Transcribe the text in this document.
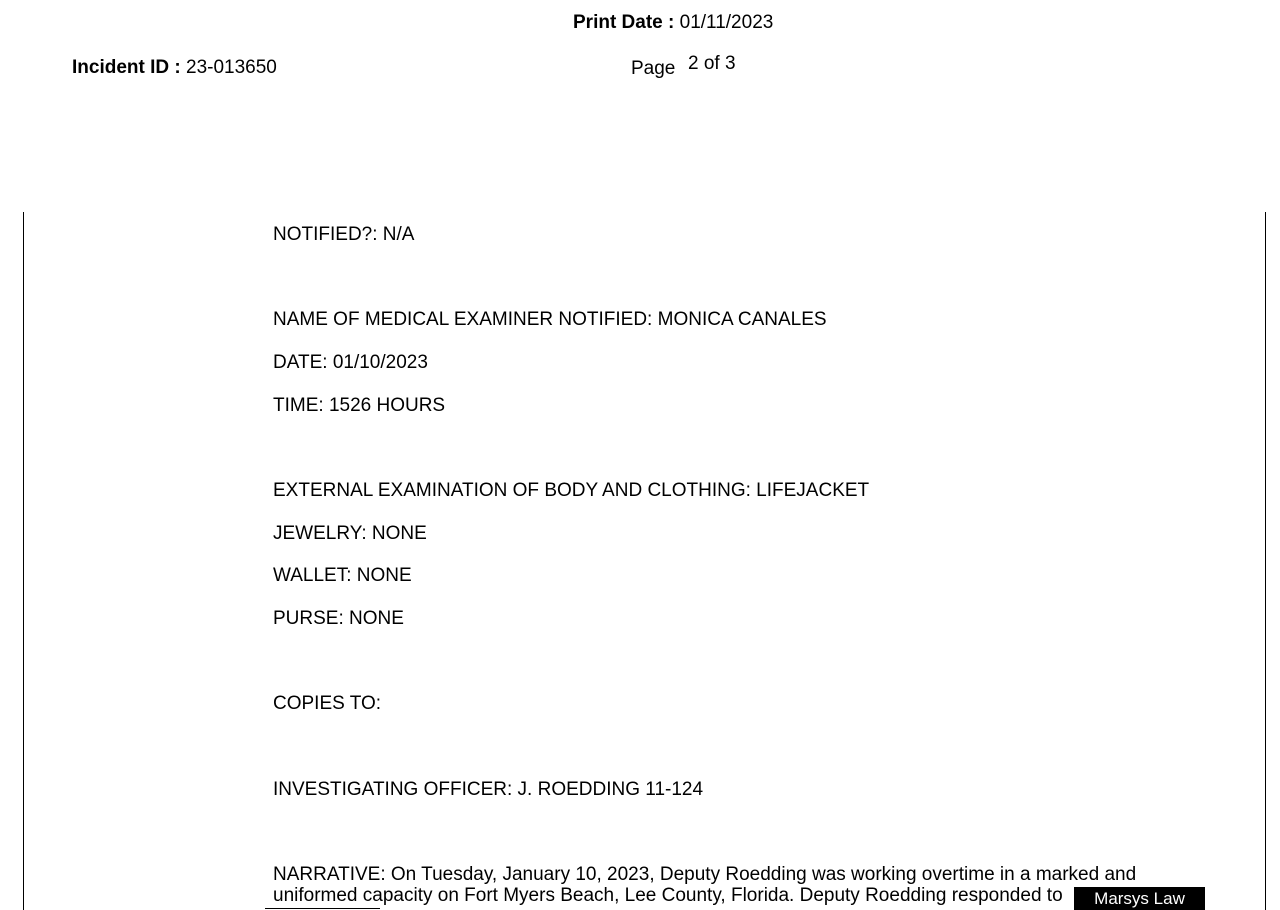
Print Date : 01/11/2023
Incident ID : 23-013650	Page 2 of 3
NOTIFIED?: N/A
NAME OF MEDICAL EXAMINER NOTIFIED: MONICA CANALES
DATE: 01/10/2023
TIME: 1526 HOURS
EXTERNAL EXAMINATION OF BODY AND CLOTHING: LIFEJACKET
JEWELRY: NONE
WALLET: NONE
PURSE: NONE
COPIES TO:
INVESTIGATING OFFICER: J. ROEDDING 11-124
NARRATIVE: On Tuesday, January 10, 2023, Deputy Roedding was working overtime in a marked and
uniformed capacity on Fort Myers Beach, Lee County, Florida. Deputy Roedding responded to	Marsys Law
